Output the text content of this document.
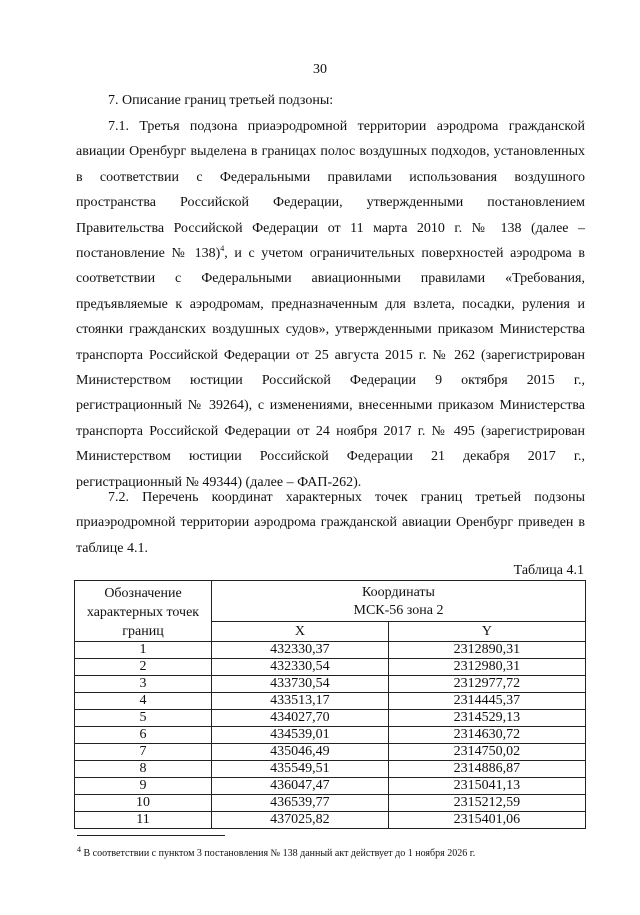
30
7. Описание границ третьей подзоны:
7.1. Третья подзона приаэродромной территории аэродрома гражданской авиации Оренбург выделена в границах полос воздушных подходов, установленных в соответствии с Федеральными правилами использования воздушного пространства Российской Федерации, утвержденными постановлением Правительства Российской Федерации от 11 марта 2010 г. № 138 (далее – постановление № 138)$^4$, и с учетом ограничительных поверхностей аэродрома в соответствии с Федеральными авиационными правилами «Требования, предъявляемые к аэродромам, предназначенным для взлета, посадки, руления и стоянки гражданских воздушных судов», утвержденными приказом Министерства транспорта Российской Федерации от 25 августа 2015 г. № 262 (зарегистрирован Министерством юстиции Российской Федерации 9 октября 2015 г., регистрационный № 39264), с изменениями, внесенными приказом Министерства транспорта Российской Федерации от 24 ноября 2017 г. № 495 (зарегистрирован Министерством юстиции Российской Федерации 21 декабря 2017 г., регистрационный № 49344) (далее – ФАП-262).
7.2. Перечень координат характерных точек границ третьей подзоны приаэродромной территории аэродрома гражданской авиации Оренбург приведен в таблице 4.1.
Таблица 4.1
Обозначение характерных точек границ	Координаты
МСК-56 зона 2	
	X	Y
1	432330,37	2312890,31
2	432330,54	2312980,31
3	433730,54	2312977,72
4	433513,17	2314445,37
5	434027,70	2314529,13
6	434539,01	2314630,72
7	435046,49	2314750,02
8	435549,51	2314886,87
9	436047,47	2315041,13
10	436539,77	2315212,59
11	437025,82	2315401,06
$^4$ В соответствии с пунктом 3 постановления № 138 данный акт действует до 1 ноября 2026 г.
